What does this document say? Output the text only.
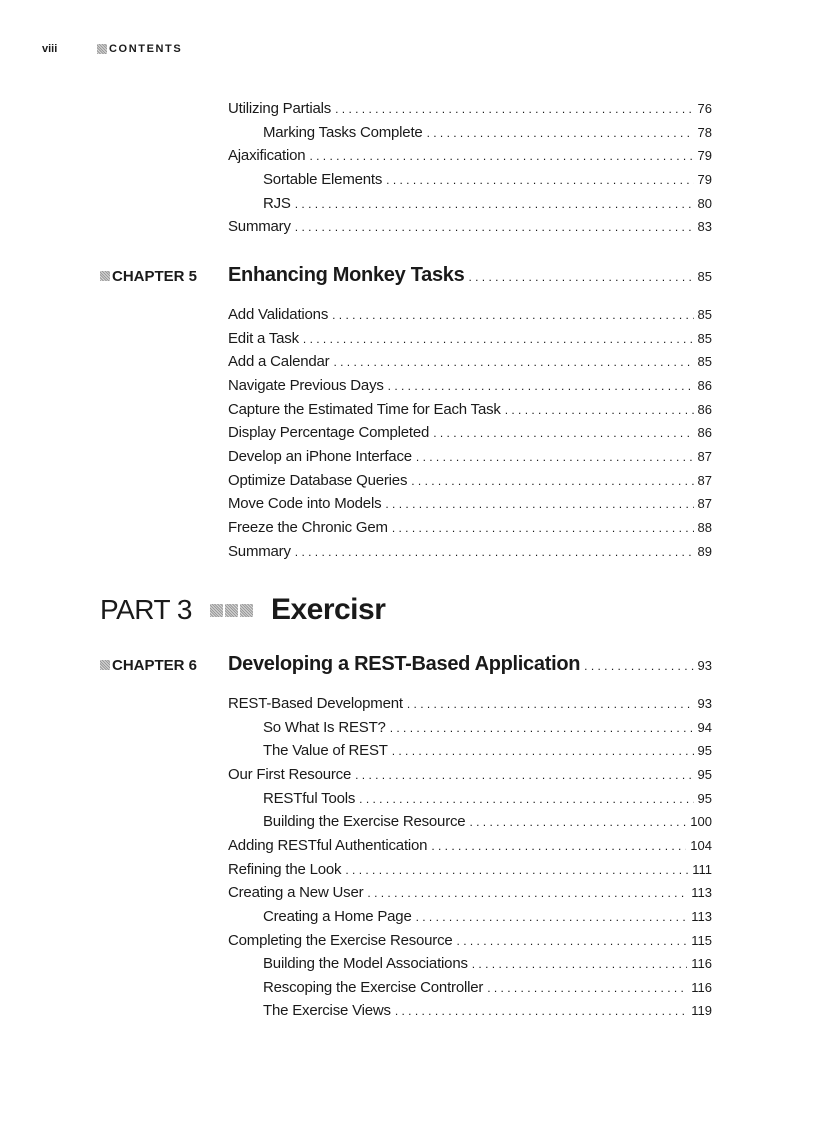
viii	CONTENTS
Utilizing Partials . . .	76
Marking Tasks Complete . . .	78
Ajaxification . . .	79
Sortable Elements . . .	79
RJS . . .	80
Summary . . .	83
CHAPTER 5 Enhancing Monkey Tasks . . .	85
Add Validations . . .	85
Edit a Task . . .	85
Add a Calendar . . .	85
Navigate Previous Days . . .	86
Capture the Estimated Time for Each Task . . .	86
Display Percentage Completed . . .	86
Develop an iPhone Interface . . .	87
Optimize Database Queries . . .	87
Move Code into Models . . .	87
Freeze the Chronic Gem . . .	88
Summary . . .	89
PART 3	Exercisr
CHAPTER 6 Developing a REST-Based Application . . .	93
REST-Based Development . . .	93
So What Is REST? . . .	94
The Value of REST . . .	95
Our First Resource . . .	95
RESTful Tools . . .	95
Building the Exercise Resource . . .	100
Adding RESTful Authentication . . .	104
Refining the Look . . .	111
Creating a New User . . .	113
Creating a Home Page . . .	113
Completing the Exercise Resource . . .	115
Building the Model Associations . . .	116
Rescoping the Exercise Controller . . .	116
The Exercise Views . . .	119
